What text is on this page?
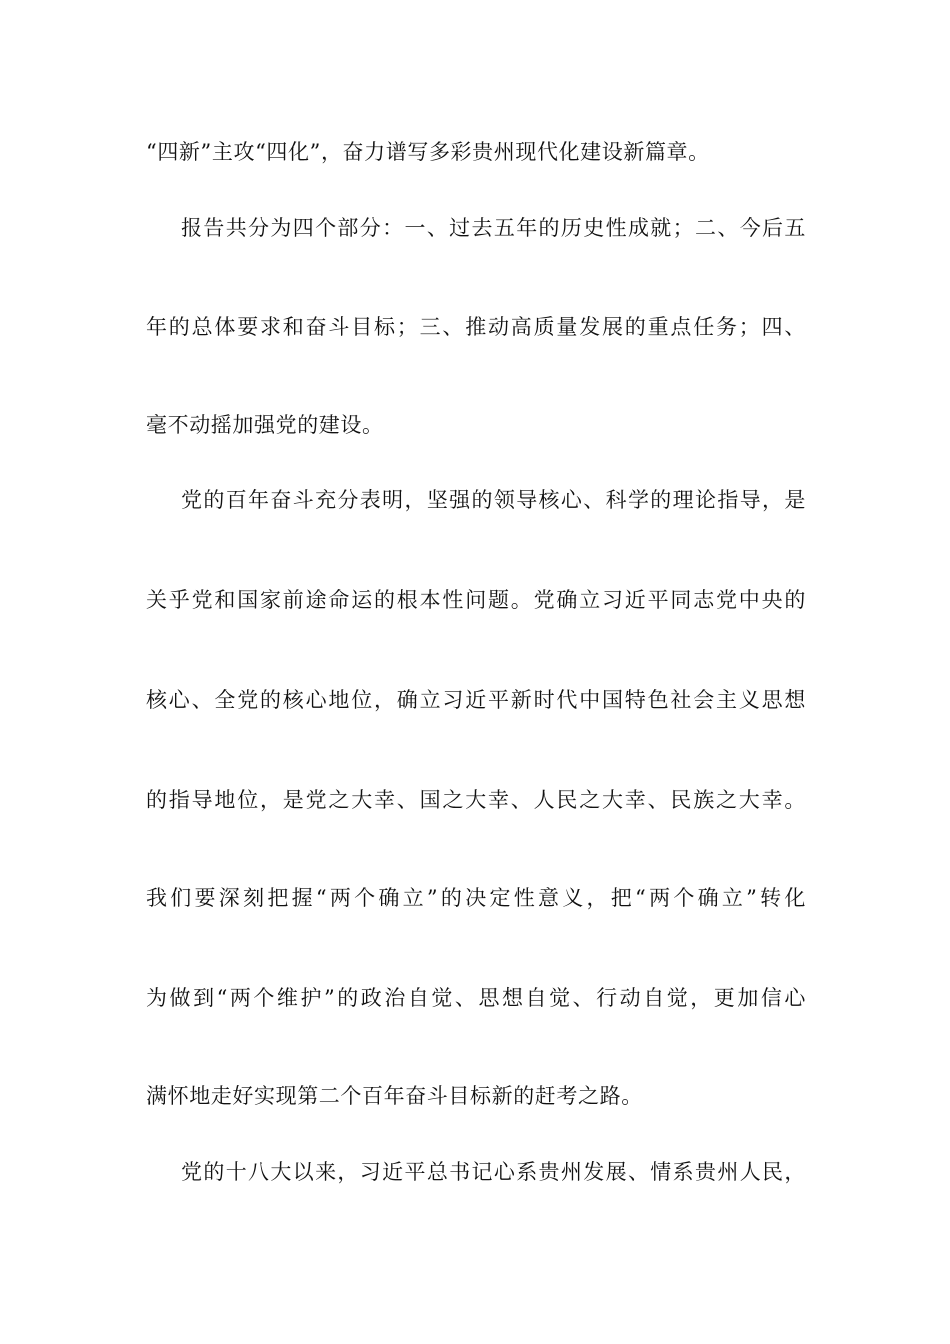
“四新”主攻“四化”，奋力谱写多彩贵州现代化建设新篇章。
报告共分为四个部分：一、过去五年的历史性成就；二、今后五
年的总体要求和奋斗目标；三、推动高质量发展的重点任务；四、
毫不动摇加强党的建设。
党的百年奋斗充分表明，坚强的领导核心、科学的理论指导，是
关乎党和国家前途命运的根本性问题。党确立习近平同志党中央的
核心、全党的核心地位，确立习近平新时代中国特色社会主义思想
的指导地位，是党之大幸、国之大幸、人民之大幸、民族之大幸。
我们要深刻把握“两个确立”的决定性意义，把“两个确立”转化
为做到“两个维护”的政治自觉、思想自觉、行动自觉，更加信心
满怀地走好实现第二个百年奋斗目标新的赶考之路。
党的十八大以来，习近平总书记心系贵州发展、情系贵州人民，
